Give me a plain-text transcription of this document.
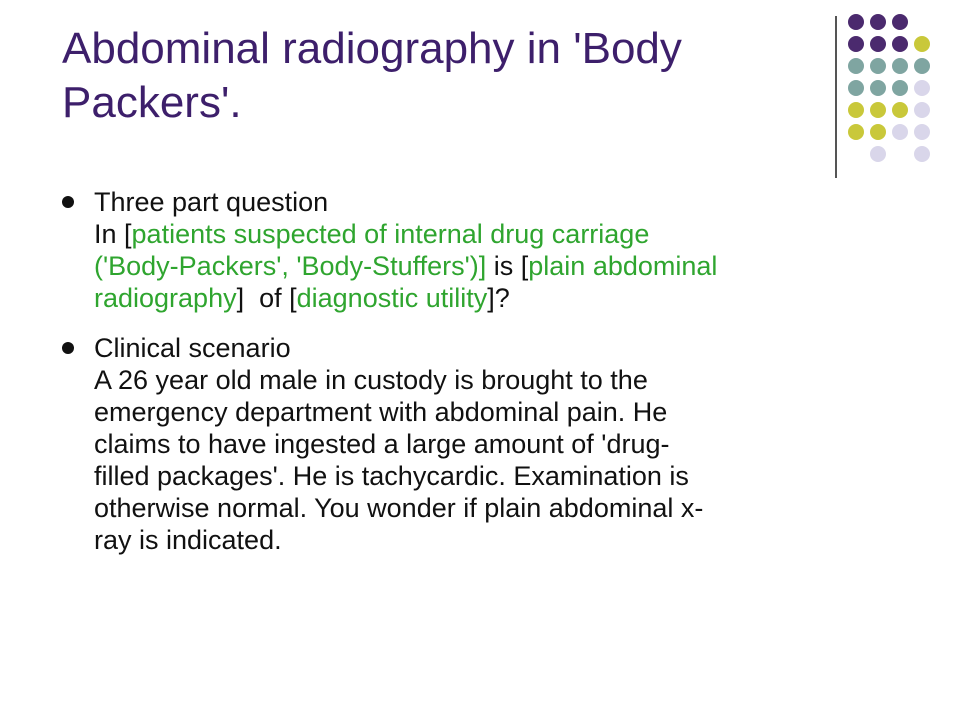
Abdominal radiography in 'Body Packers'.
Three part question
In [patients suspected of internal drug carriage
('Body-Packers', 'Body-Stuffers')] is [plain abdominal
radiography]  of [diagnostic utility]?
Clinical scenario
A 26 year old male in custody is brought to the
emergency department with abdominal pain. He
claims to have ingested a large amount of 'drug-
filled packages'. He is tachycardic. Examination is
otherwise normal. You wonder if plain abdominal x-
ray is indicated.
